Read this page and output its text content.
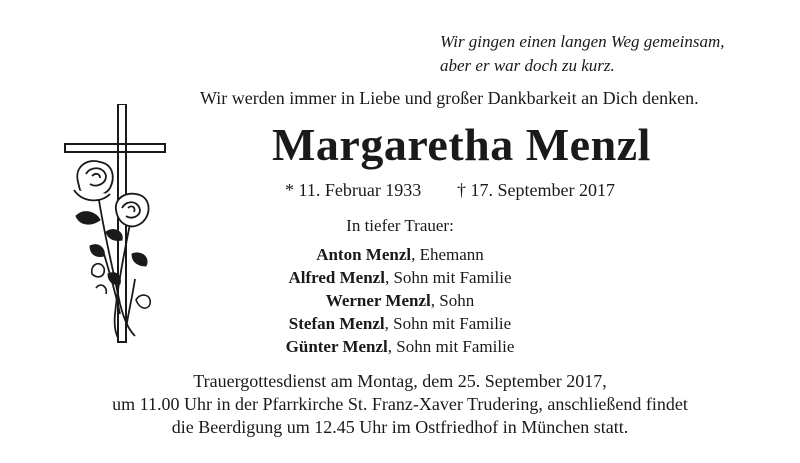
Wir gingen einen langen Weg gemeinsam,
aber er war doch zu kurz.
Wir werden immer in Liebe und großer Dankbarkeit an Dich denken.
Margaretha Menzl
* 11. Februar 1933 † 17. September 2017
In tiefer Trauer:
Anton Menzl, Ehemann
Alfred Menzl, Sohn mit Familie
Werner Menzl, Sohn
Stefan Menzl, Sohn mit Familie
Günter Menzl, Sohn mit Familie
Trauergottesdienst am Montag, dem 25. September 2017,
um 11.00 Uhr in der Pfarrkirche St. Franz-Xaver Trudering, anschließend findet
die Beerdigung um 12.45 Uhr im Ostfriedhof in München statt.
